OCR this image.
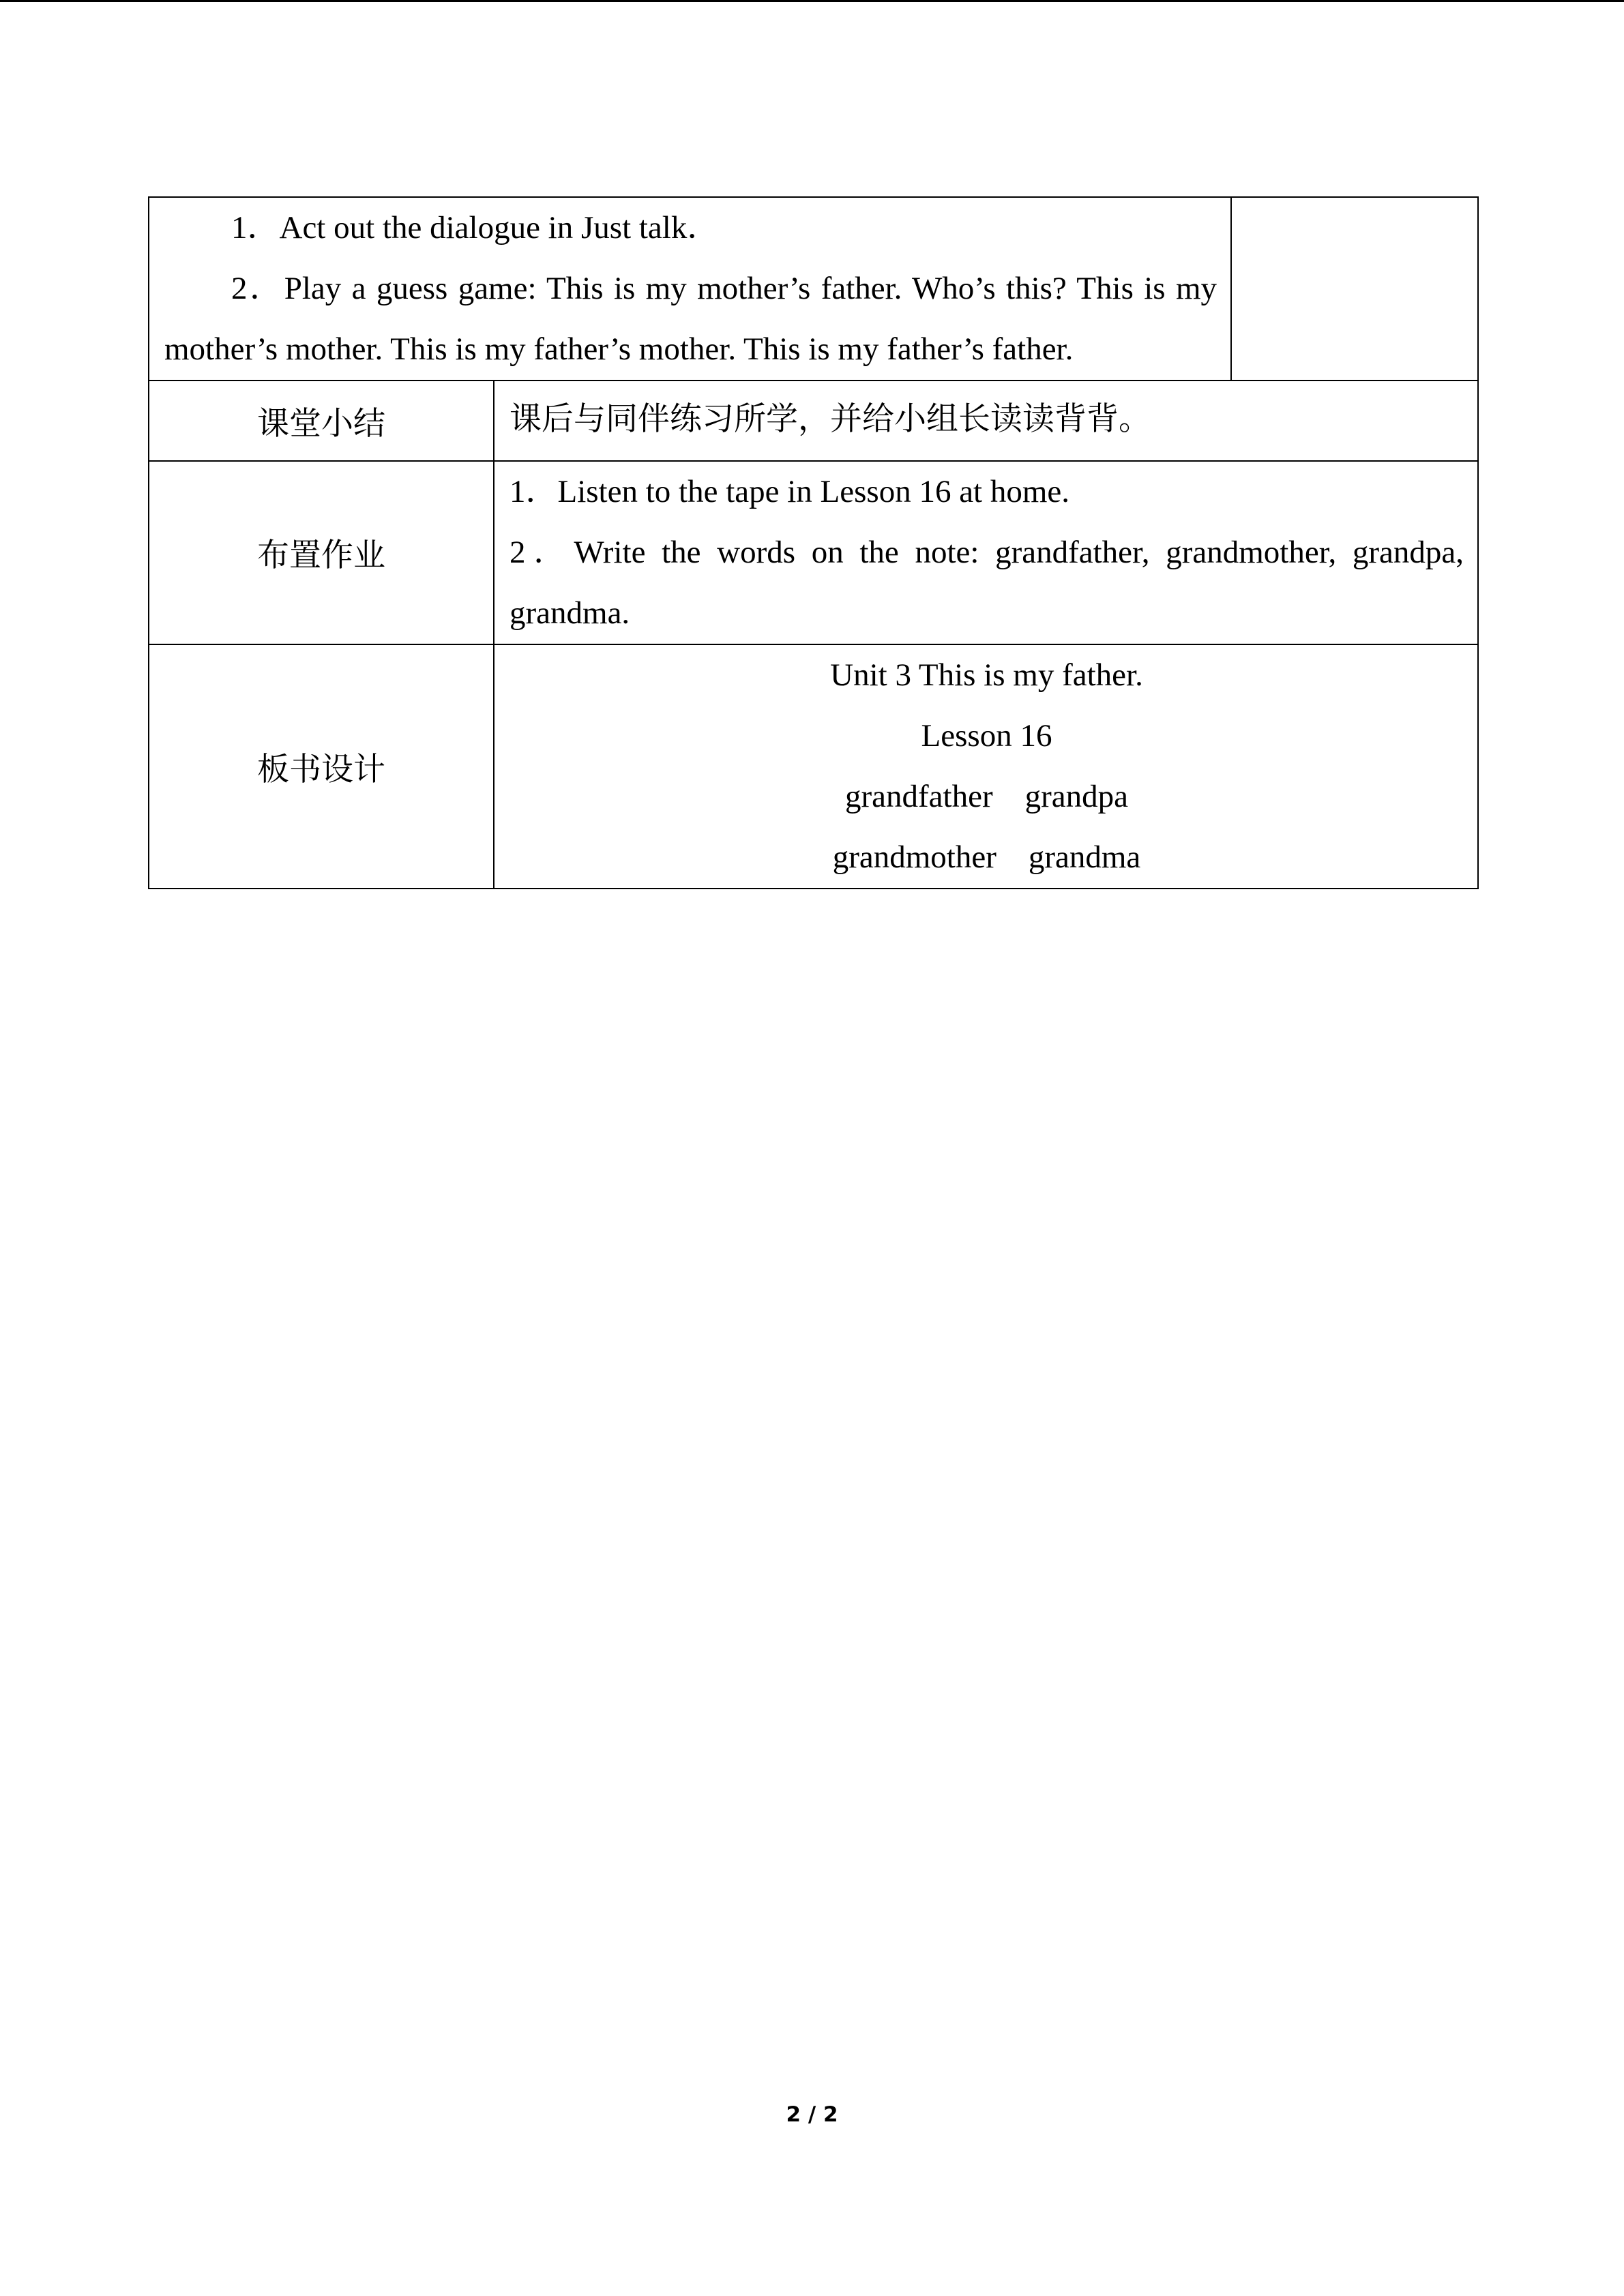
1．Act out the dialogue in Just talk．

2．Play a guess game: This is my mother’s father. Who’s this? This is my mother’s mother. This is my father’s mother. This is my father’s father.		

课堂小结	课后与同伴练习所学，并给小组长读读背背。	

布置作业	1．Listen to the tape in Lesson 16 at home.

2．Write the words on the note: grandfather, grandmother, grandpa, grandma.	

板书设计	Unit 3 This is my father.

Lesson 16

grandfather    grandpa

grandmother    grandma	

2 / 2
